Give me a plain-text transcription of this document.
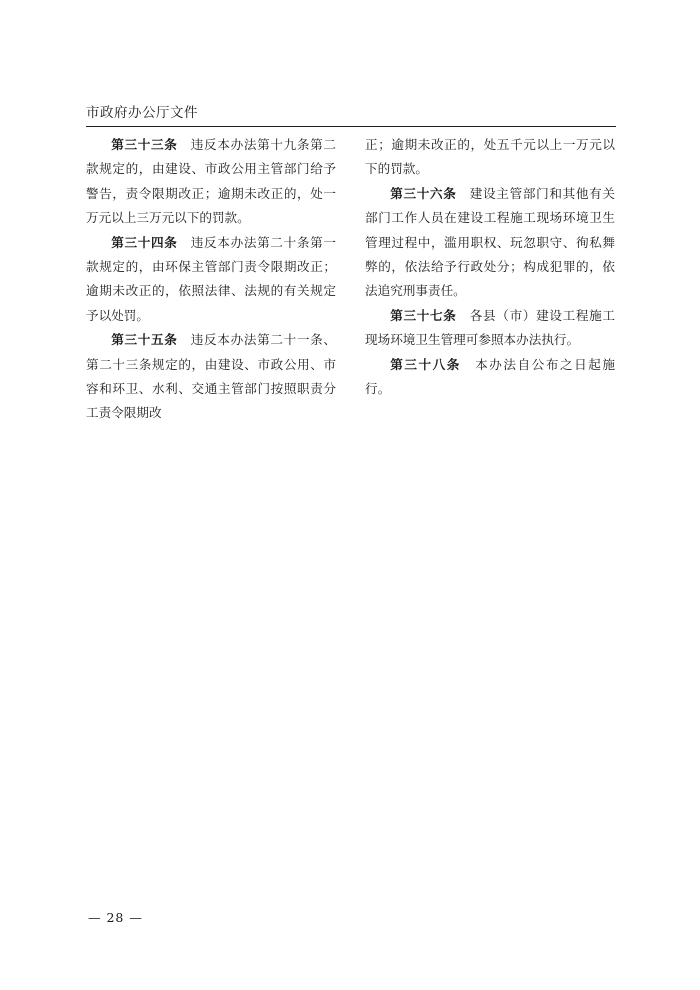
市政府办公厅文件

第三十三条 违反本办法第十九条第二款规定的，由建设、市政公用主管部门给予警告，责令限期改正；逾期未改正的，处一万元以上三万元以下的罚款。

第三十四条 违反本办法第二十条第一款规定的，由环保主管部门责令限期改正；逾期未改正的，依照法律、法规的有关规定予以处罚。

第三十五条 违反本办法第二十一条、第二十三条规定的，由建设、市政公用、市容和环卫、水利、交通主管部门按照职责分工责令限期改

正；逾期未改正的，处五千元以上一万元以下的罚款。

第三十六条 建设主管部门和其他有关部门工作人员在建设工程施工现场环境卫生管理过程中，滥用职权、玩忽职守、徇私舞弊的，依法给予行政处分；构成犯罪的，依法追究刑事责任。

第三十七条 各县（市）建设工程施工现场环境卫生管理可参照本办法执行。

第三十八条 本办法自公布之日起施行。

— 28 —
